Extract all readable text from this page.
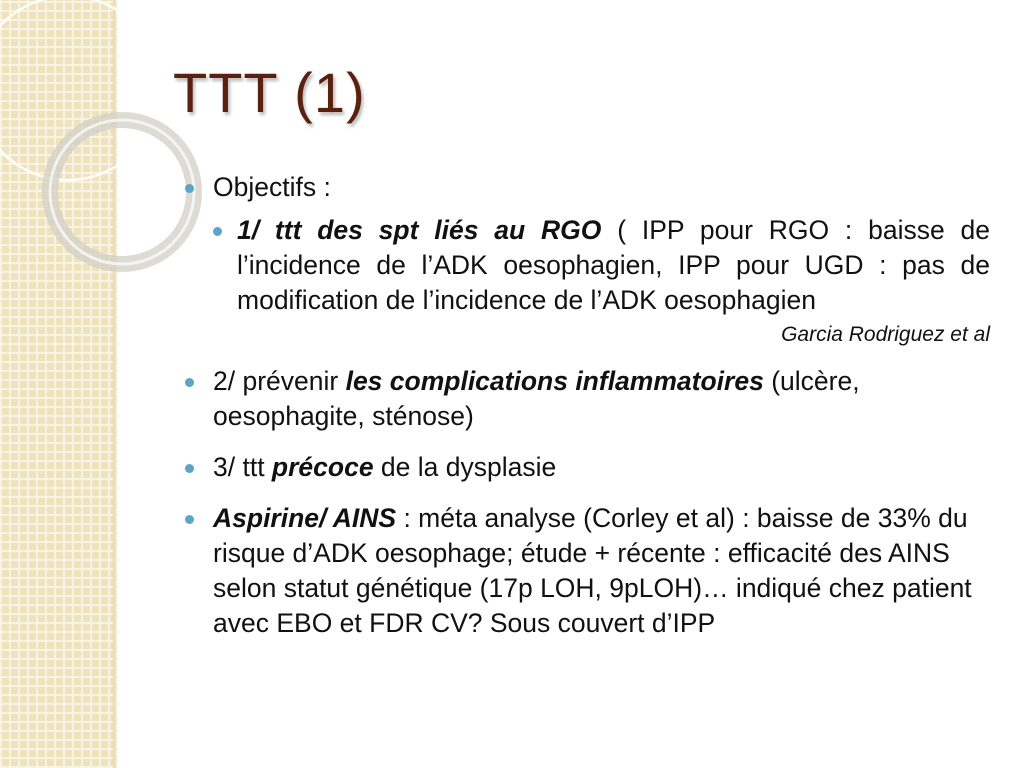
TTT (1)
Objectifs :
1/ ttt des spt liés au RGO ( IPP pour RGO : baisse de l’incidence de l’ADK oesophagien, IPP pour UGD : pas de modification de l’incidence de l’ADK oesophagien
Garcia Rodriguez et al
2/ prévenir les complications inflammatoires (ulcère, oesophagite, sténose)
3/ ttt précoce de la dysplasie
Aspirine/ AINS : méta analyse (Corley et al) : baisse de 33% du risque d’ADK oesophage; étude + récente : efficacité des AINS selon statut génétique (17p LOH, 9pLOH)… indiqué chez patient avec EBO et FDR CV? Sous couvert d’IPP
